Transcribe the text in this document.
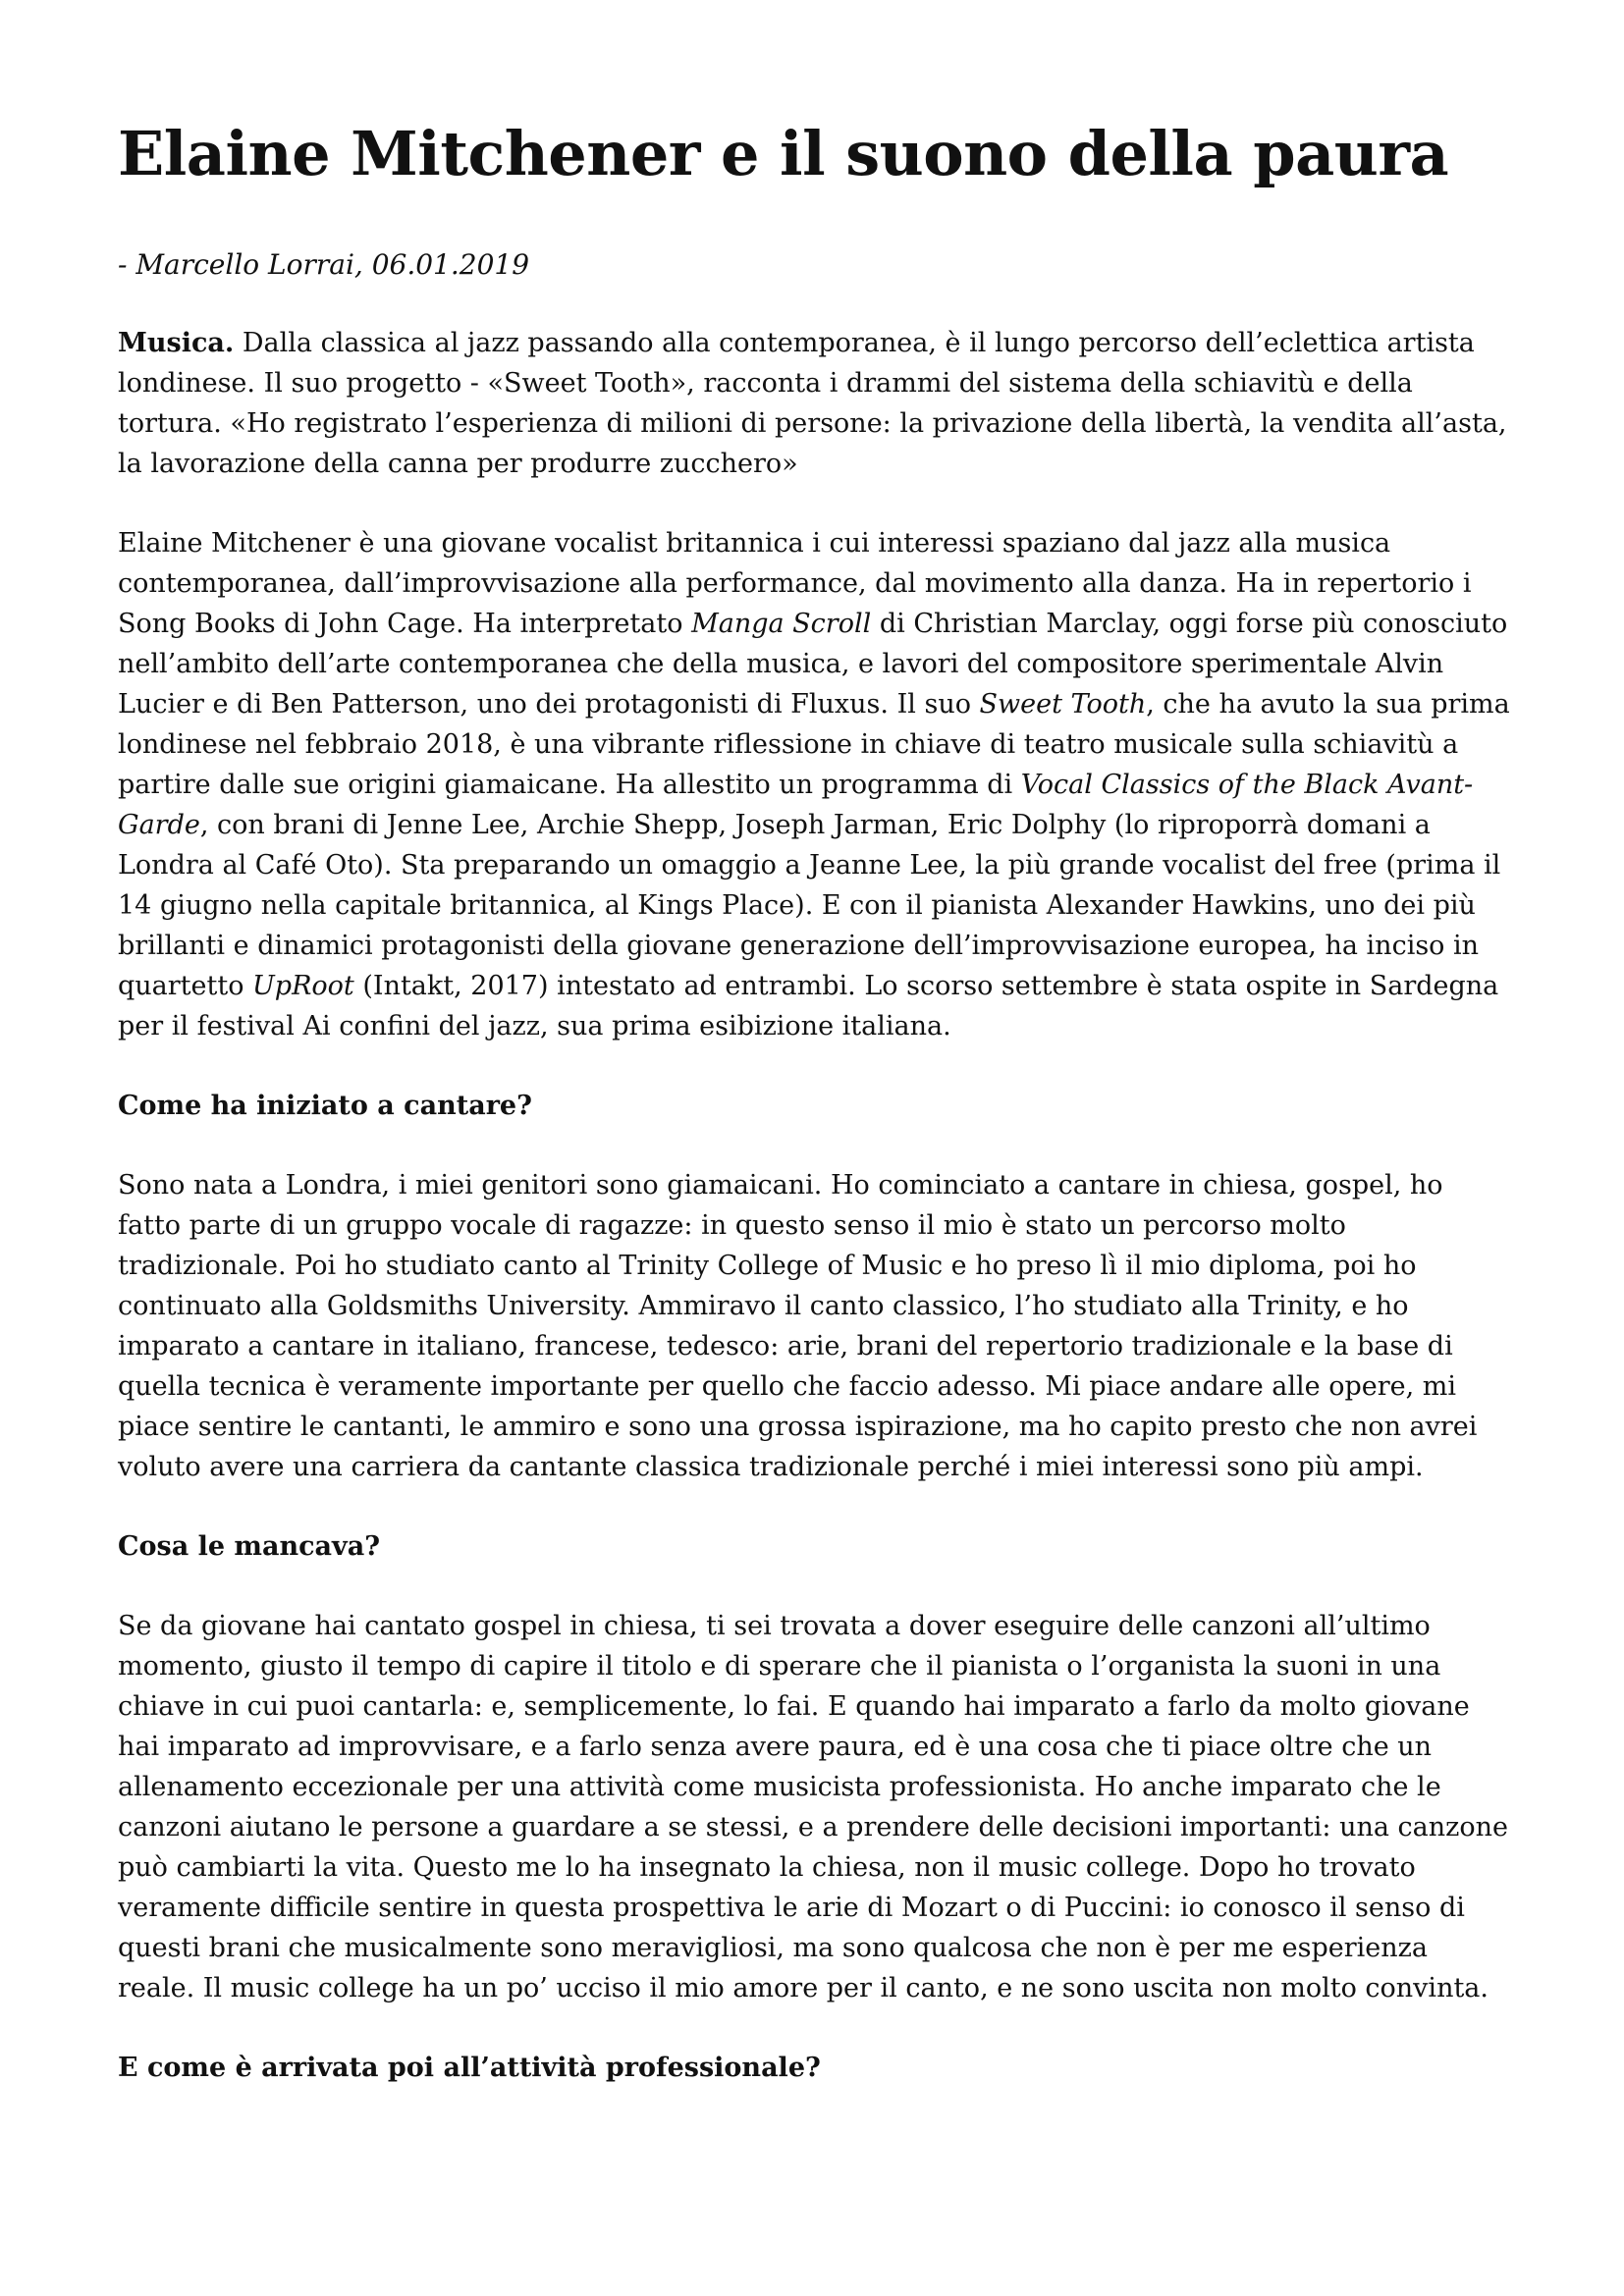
Elaine Mitchener e il suono della paura
- Marcello Lorrai, 06.01.2019

Musica. Dalla classica al jazz passando alla contemporanea, è il lungo percorso dell’eclettica artista londinese. Il suo progetto - «Sweet Tooth», racconta i drammi del sistema della schiavitù e della tortura. «Ho registrato l’esperienza di milioni di persone: la privazione della libertà, la vendita all’asta, la lavorazione della canna per produrre zucchero»

Elaine Mitchener è una giovane vocalist britannica i cui interessi spaziano dal jazz alla musica contemporanea, dall’improvvisazione alla performance, dal movimento alla danza. Ha in repertorio i Song Books di John Cage. Ha interpretato Manga Scroll di Christian Marclay, oggi forse più conosciuto nell’ambito dell’arte contemporanea che della musica, e lavori del compositore sperimentale Alvin Lucier e di Ben Patterson, uno dei protagonisti di Fluxus. Il suo Sweet Tooth, che ha avuto la sua prima londinese nel febbraio 2018, è una vibrante riflessione in chiave di teatro musicale sulla schiavitù a partire dalle sue origini giamaicane. Ha allestito un programma di Vocal Classics of the Black Avant-Garde, con brani di Jenne Lee, Archie Shepp, Joseph Jarman, Eric Dolphy (lo riproporrà domani a Londra al Café Oto). Sta preparando un omaggio a Jeanne Lee, la più grande vocalist del free (prima il 14 giugno nella capitale britannica, al Kings Place). E con il pianista Alexander Hawkins, uno dei più brillanti e dinamici protagonisti della giovane generazione dell’improvvisazione europea, ha inciso in quartetto UpRoot (Intakt, 2017) intestato ad entrambi. Lo scorso settembre è stata ospite in Sardegna per il festival Ai confini del jazz, sua prima esibizione italiana.

Come ha iniziato a cantare?

Sono nata a Londra, i miei genitori sono giamaicani. Ho cominciato a cantare in chiesa, gospel, ho fatto parte di un gruppo vocale di ragazze: in questo senso il mio è stato un percorso molto tradizionale. Poi ho studiato canto al Trinity College of Music e ho preso lì il mio diploma, poi ho continuato alla Goldsmiths University. Ammiravo il canto classico, l’ho studiato alla Trinity, e ho imparato a cantare in italiano, francese, tedesco: arie, brani del repertorio tradizionale e la base di quella tecnica è veramente importante per quello che faccio adesso. Mi piace andare alle opere, mi piace sentire le cantanti, le ammiro e sono una grossa ispirazione, ma ho capito presto che non avrei voluto avere una carriera da cantante classica tradizionale perché i miei interessi sono più ampi.

Cosa le mancava?

Se da giovane hai cantato gospel in chiesa, ti sei trovata a dover eseguire delle canzoni all’ultimo momento, giusto il tempo di capire il titolo e di sperare che il pianista o l’organista la suoni in una chiave in cui puoi cantarla: e, semplicemente, lo fai. E quando hai imparato a farlo da molto giovane hai imparato ad improvvisare, e a farlo senza avere paura, ed è una cosa che ti piace oltre che un allenamento eccezionale per una attività come musicista professionista. Ho anche imparato che le canzoni aiutano le persone a guardare a se stessi, e a prendere delle decisioni importanti: una canzone può cambiarti la vita. Questo me lo ha insegnato la chiesa, non il music college. Dopo ho trovato veramente difficile sentire in questa prospettiva le arie di Mozart o di Puccini: io conosco il senso di questi brani che musicalmente sono meravigliosi, ma sono qualcosa che non è per me esperienza reale. Il music college ha un po’ ucciso il mio amore per il canto, e ne sono uscita non molto convinta.

E come è arrivata poi all’attività professionale?
